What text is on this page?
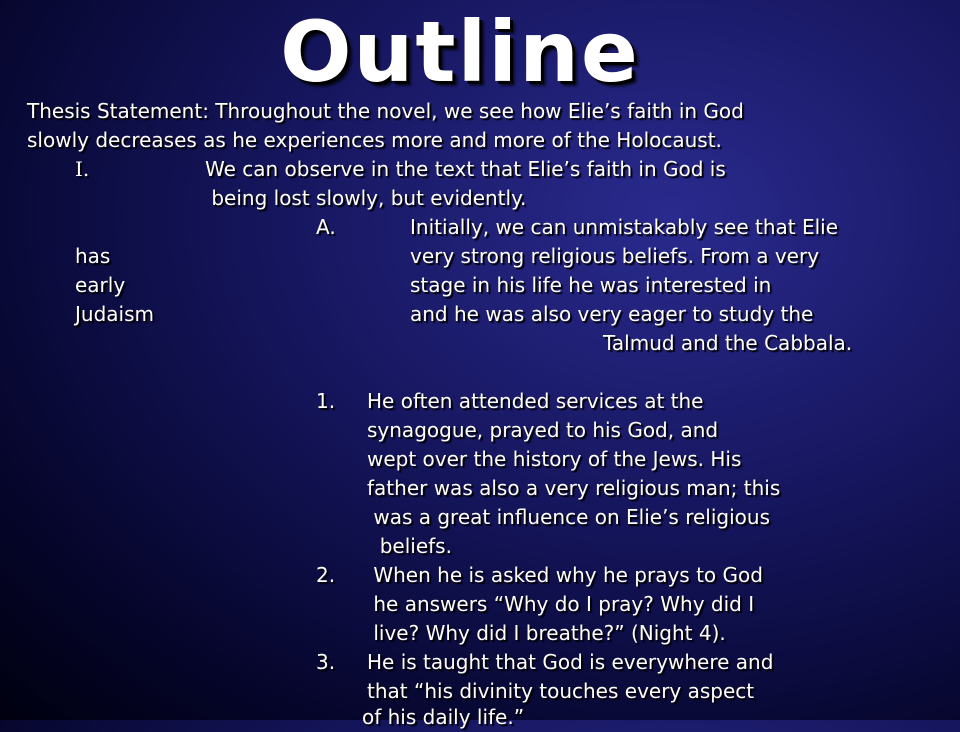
Outline
Thesis Statement: Throughout the novel, we see how Elie’s faith in God
slowly decreases as he experiences more and more of the Holocaust.
I.	We can observe in the text that Elie’s faith in God is
being lost slowly, but evidently.
A.	Initially, we can unmistakably see that Elie
has	very strong religious beliefs. From a very
early	stage in his life he was interested in
Judaism	and he was also very eager to study the
Talmud and the Cabbala.
1. He often attended services at the
synagogue, prayed to his God, and
wept over the history of the Jews. His
father was also a very religious man; this
was a great influence on Elie’s religious
beliefs.
2. When he is asked why he prays to God
he answers “Why do I pray? Why did I
live? Why did I breathe?” (Night 4).
3. He is taught that God is everywhere and
that “his divinity touches every aspect
of his daily life.”
